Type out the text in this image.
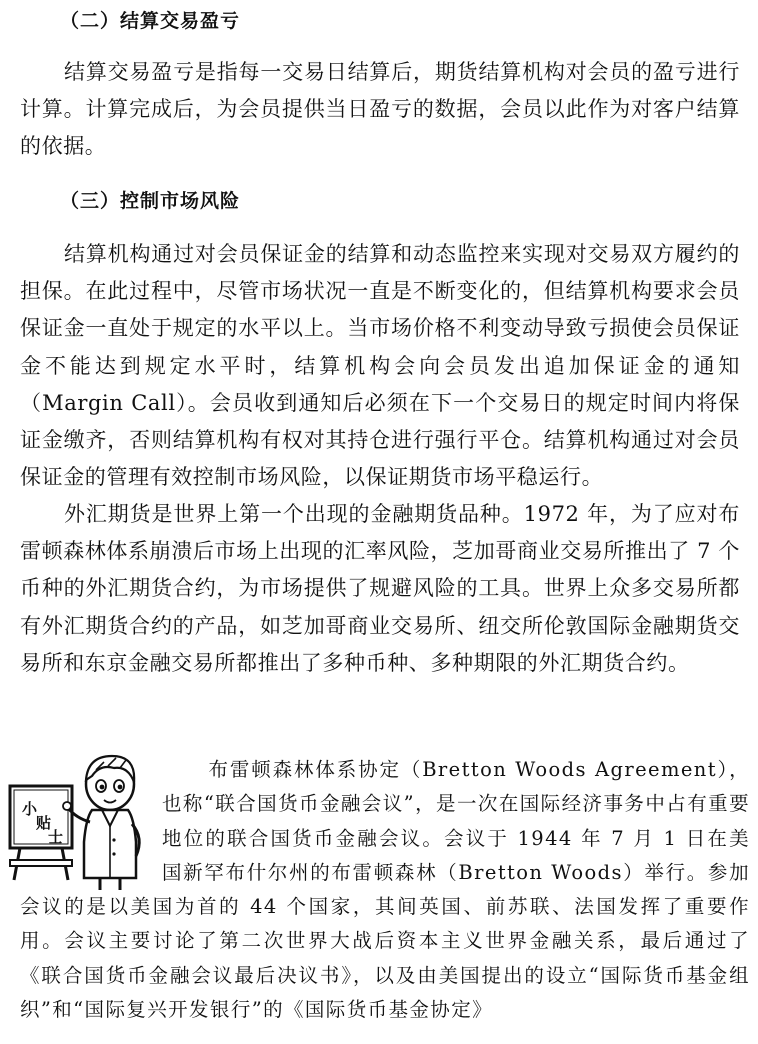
（二）结算交易盈亏

结算交易盈亏是指每一交易日结算后，期货结算机构对会员的盈亏进行计算。计算完成后，为会员提供当日盈亏的数据，会员以此作为对客户结算的依据。

（三）控制市场风险

结算机构通过对会员保证金的结算和动态监控来实现对交易双方履约的担保。在此过程中，尽管市场状况一直是不断变化的，但结算机构要求会员保证金一直处于规定的水平以上。当市场价格不利变动导致亏损使会员保证金不能达到规定水平时，结算机构会向会员发出追加保证金的通知（Margin Call）。会员收到通知后必须在下一个交易日的规定时间内将保证金缴齐，否则结算机构有权对其持仓进行强行平仓。结算机构通过对会员保证金的管理有效控制市场风险，以保证期货市场平稳运行。

外汇期货是世界上第一个出现的金融期货品种。1972 年，为了应对布雷顿森林体系崩溃后市场上出现的汇率风险，芝加哥商业交易所推出了 7 个币种的外汇期货合约，为市场提供了规避风险的工具。世界上众多交易所都有外汇期货合约的产品，如芝加哥商业交易所、纽交所伦敦国际金融期货交易所和东京金融交易所都推出了多种币种、多种期限的外汇期货合约。

小
贴
士
布雷顿森林体系协定（Bretton Woods Agreement），也称“联合国货币金融会议”，是一次在国际经济事务中占有重要地位的联合国货币金融会议。会议于 1944 年 7 月 1 日在美国新罕布什尔州的布雷顿森林（Bretton Woods）举行。参加会议的是以美国为首的 44 个国家，其间英国、前苏联、法国发挥了重要作用。会议主要讨论了第二次世界大战后资本主义世界金融关系，最后通过了《联合国货币金融会议最后决议书》，以及由美国提出的设立“国际货币基金组织”和“国际复兴开发银行”的《国际货币基金协定》
